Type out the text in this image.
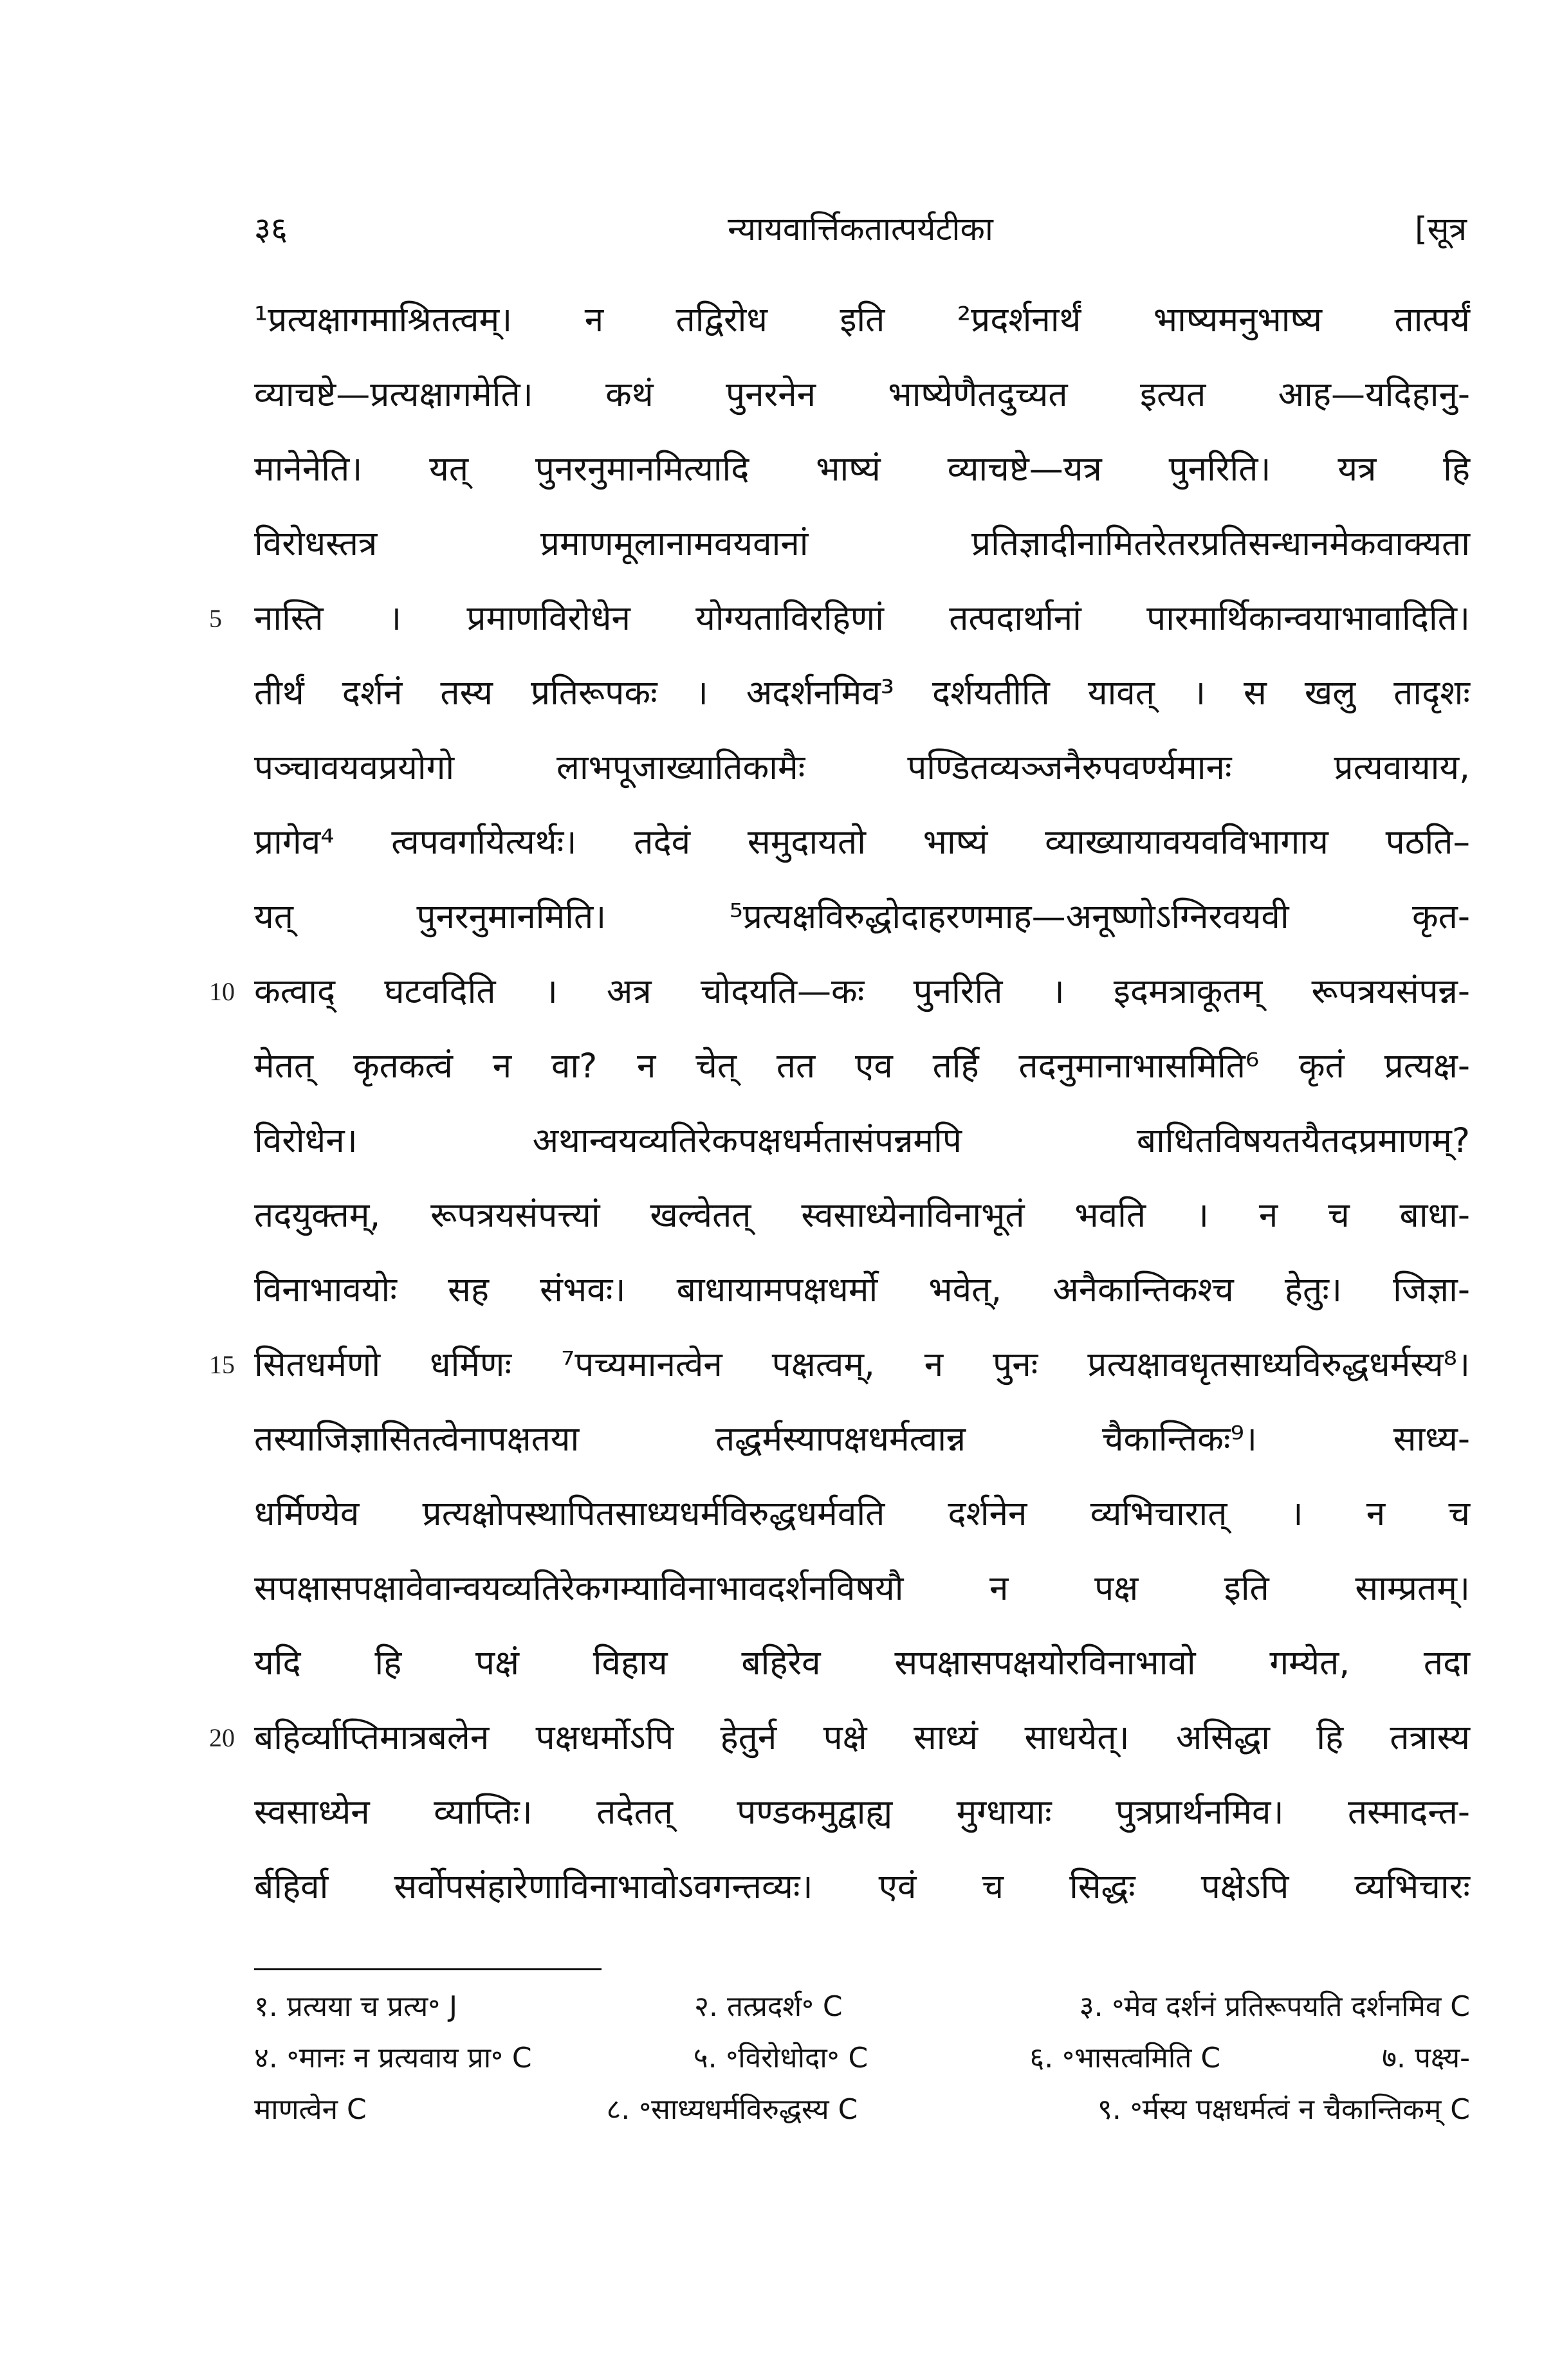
३६	न्यायवार्त्तिकतात्पर्यटीका	[सूत्र
¹प्रत्यक्षागमाश्रितत्वम्। न तद्विरोध इति ²प्रदर्शनार्थं भाष्यमनुभाष्य तात्पर्यं
व्याचष्टे—प्रत्यक्षागमेति। कथं पुनरनेन भाष्येणैतदुच्यत इत्यत आह—यदिहानु-
मानेनेति। यत् पुनरनुमानमित्यादि भाष्यं व्याचष्टे—यत्र पुनरिति। यत्र हि
विरोधस्तत्र प्रमाणमूलानामवयवानां प्रतिज्ञादीनामितरेतरप्रतिसन्धानमेकवाक्यता
5 नास्ति । प्रमाणविरोधेन योग्यताविरहिणां तत्पदार्थानां पारमार्थिकान्वयाभावादिति।
तीर्थं दर्शनं तस्य प्रतिरूपकः । अदर्शनमिव³ दर्शयतीति यावत् । स खलु तादृशः
पञ्चावयवप्रयोगो लाभपूजाख्यातिकामैः पण्डितव्यञ्जनैरुपवर्ण्यमानः प्रत्यवायाय,
प्रागेव⁴ त्वपवर्गायेत्यर्थः। तदेवं समुदायतो भाष्यं व्याख्यायावयवविभागाय पठति–
यत् पुनरनुमानमिति। ⁵प्रत्यक्षविरुद्धोदाहरणमाह—अनूष्णोऽग्निरवयवी कृत-
10 कत्वाद् घटवदिति । अत्र चोदयति—कः पुनरिति । इदमत्राकूतम् रूपत्रयसंपन्न-
मेतत् कृतकत्वं न वा? न चेत् तत एव तर्हि तदनुमानाभासमिति⁶ कृतं प्रत्यक्ष-
विरोधेन। अथान्वयव्यतिरेकपक्षधर्मतासंपन्नमपि बाधितविषयतयैतदप्रमाणम्?
तदयुक्तम्, रूपत्रयसंपत्त्यां खल्वेतत् स्वसाध्येनाविनाभूतं भवति । न च बाधा-
विनाभावयोः सह संभवः। बाधायामपक्षधर्मो भवेत्, अनैकान्तिकश्च हेतुः। जिज्ञा-
15 सितधर्मणो धर्मिणः ⁷पच्यमानत्वेन पक्षत्वम्, न पुनः प्रत्यक्षावधृतसाध्यविरुद्धधर्मस्य⁸।
तस्याजिज्ञासितत्वेनापक्षतया तद्धर्मस्यापक्षधर्मत्वान्न चैकान्तिकः⁹। साध्य-
धर्मिण्येव प्रत्यक्षोपस्थापितसाध्यधर्मविरुद्धधर्मवति दर्शनेन व्यभिचारात् । न च
सपक्षासपक्षावेवान्वयव्यतिरेकगम्याविनाभावदर्शनविषयौ न पक्ष इति साम्प्रतम्।
यदि हि पक्षं विहाय बहिरेव सपक्षासपक्षयोरविनाभावो गम्येत, तदा
20 बहिर्व्याप्तिमात्रबलेन पक्षधर्मोऽपि हेतुर्न पक्षे साध्यं साधयेत्। असिद्धा हि तत्रास्य
स्वसाध्येन व्याप्तिः। तदेतत् पण्डकमुद्वाह्य मुग्धायाः पुत्रप्रार्थनमिव। तस्मादन्त-
र्बहिर्वा सर्वोपसंहारेणाविनाभावोऽवगन्तव्यः। एवं च सिद्धः पक्षेऽपि व्यभिचारः
१. प्रत्यया च प्रत्य॰ J	२. तत्प्रदर्श॰ C	३. ॰मेव दर्शनं प्रतिरूपयति दर्शनमिव C
४. ॰मानः न प्रत्यवाय प्रा॰ C	५. ॰विरोधोदा॰ C	६. ॰भासत्वमिति C	७. पक्ष्य-
माणत्वेन C	८. ॰साध्यधर्मविरुद्धस्य C	९. ॰र्मस्य पक्षधर्मत्वं न चैकान्तिकम् C
